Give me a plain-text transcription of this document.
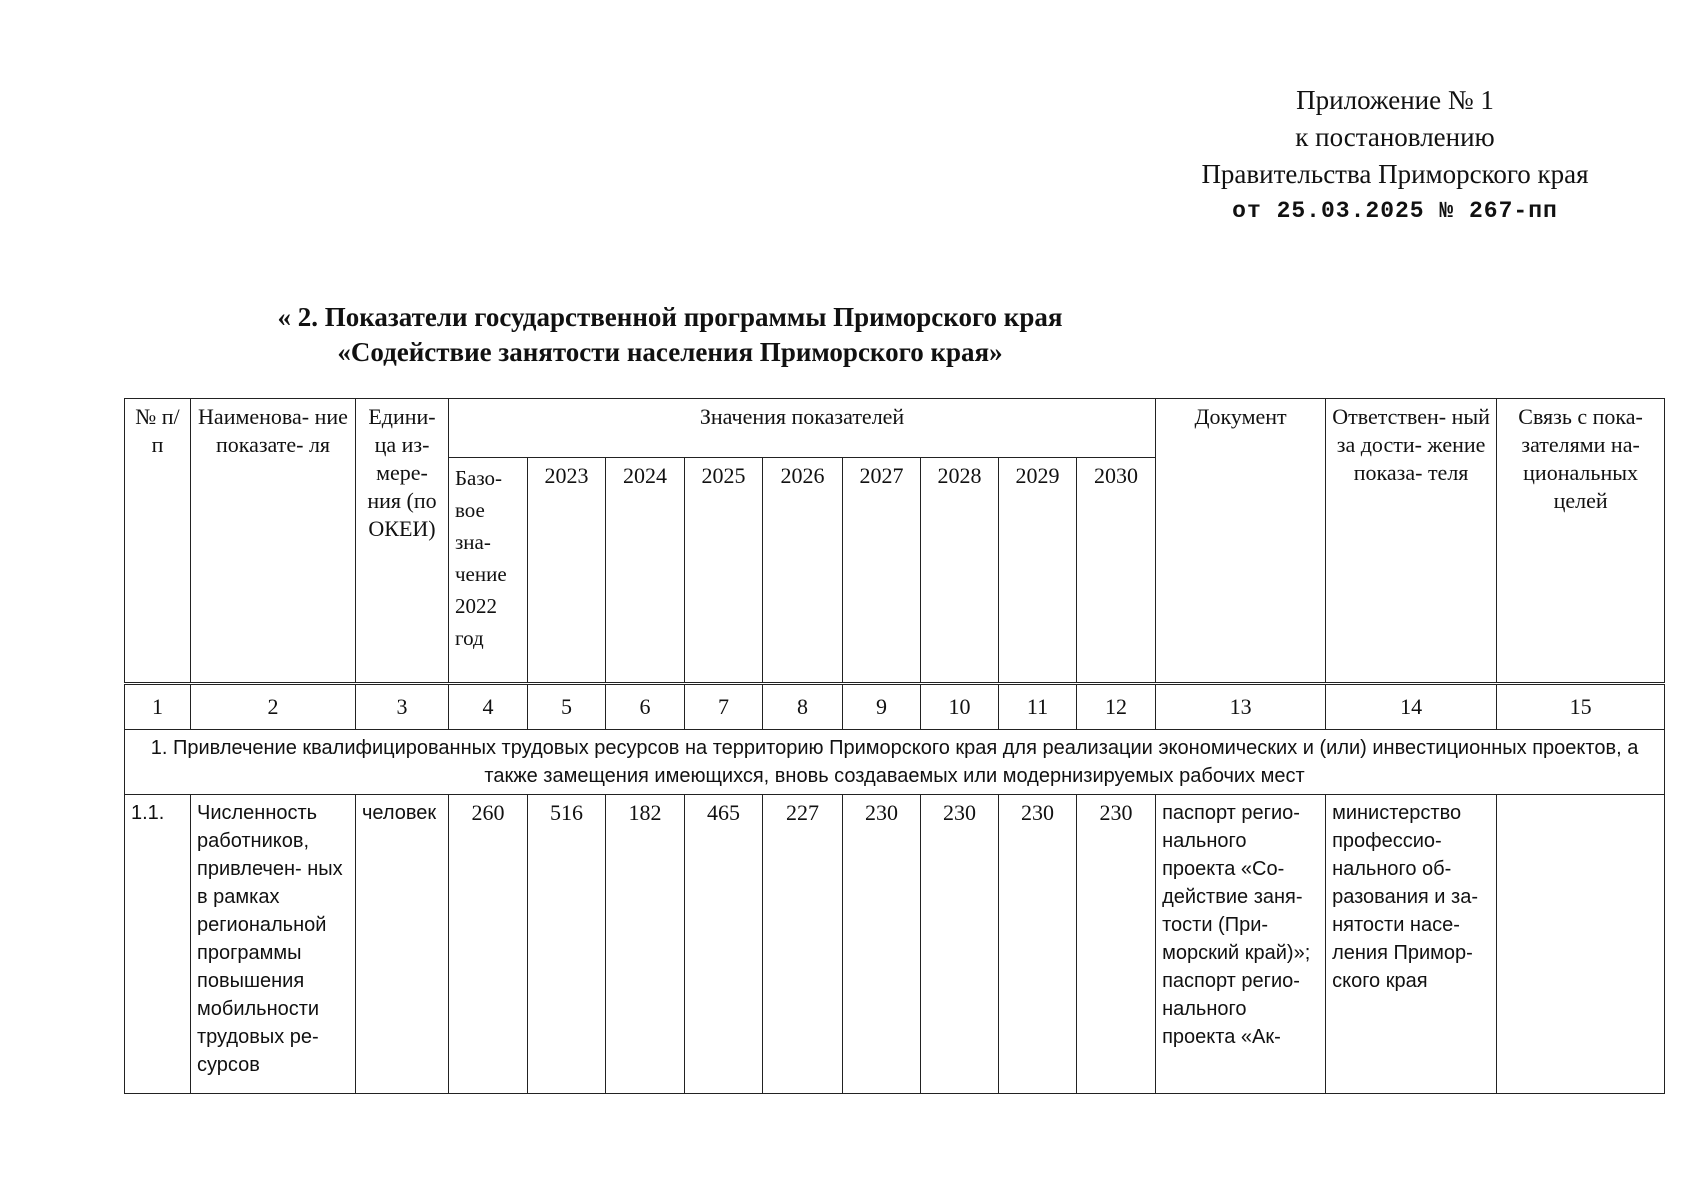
Приложение № 1
к постановлению
Правительства Приморского края
от 25.03.2025 № 267-пп
« 2. Показатели государственной программы Приморского края
«Содействие занятости населения Приморского края»
№ п/п	Наименова- ние показате- ля	Едини- ца из- мере- ния (по ОКЕИ)	Значения показателей									Документ	Ответствен- ный за дости- жение показа- теля	Связь с пока- зателями на- циональных целей
			Базо- вое зна- чение 2022 год	2023	2024	2025	2026	2027	2028	2029	2030			
1	2	3	4	5	6	7	8	9	10	11	12	13	14	15
1. Привлечение квалифицированных трудовых ресурсов на территорию Приморского края для реализации экономических и (или) инвестиционных проектов, а также замещения имеющихся, вновь создаваемых или модернизируемых рабочих мест														
1.1.	Численность работников, привлечен- ных в рамках региональной программы повышения мобильности трудовых ре- сурсов	человек	260	516	182	465	227	230	230	230	230	паспорт регио- нального проекта «Со- действие заня- тости (При- морский край)»; паспорт регио- нального проекта «Ак-	министерство профессио- нального об- разования и за- нятости насе- ления Примор- ского края	
